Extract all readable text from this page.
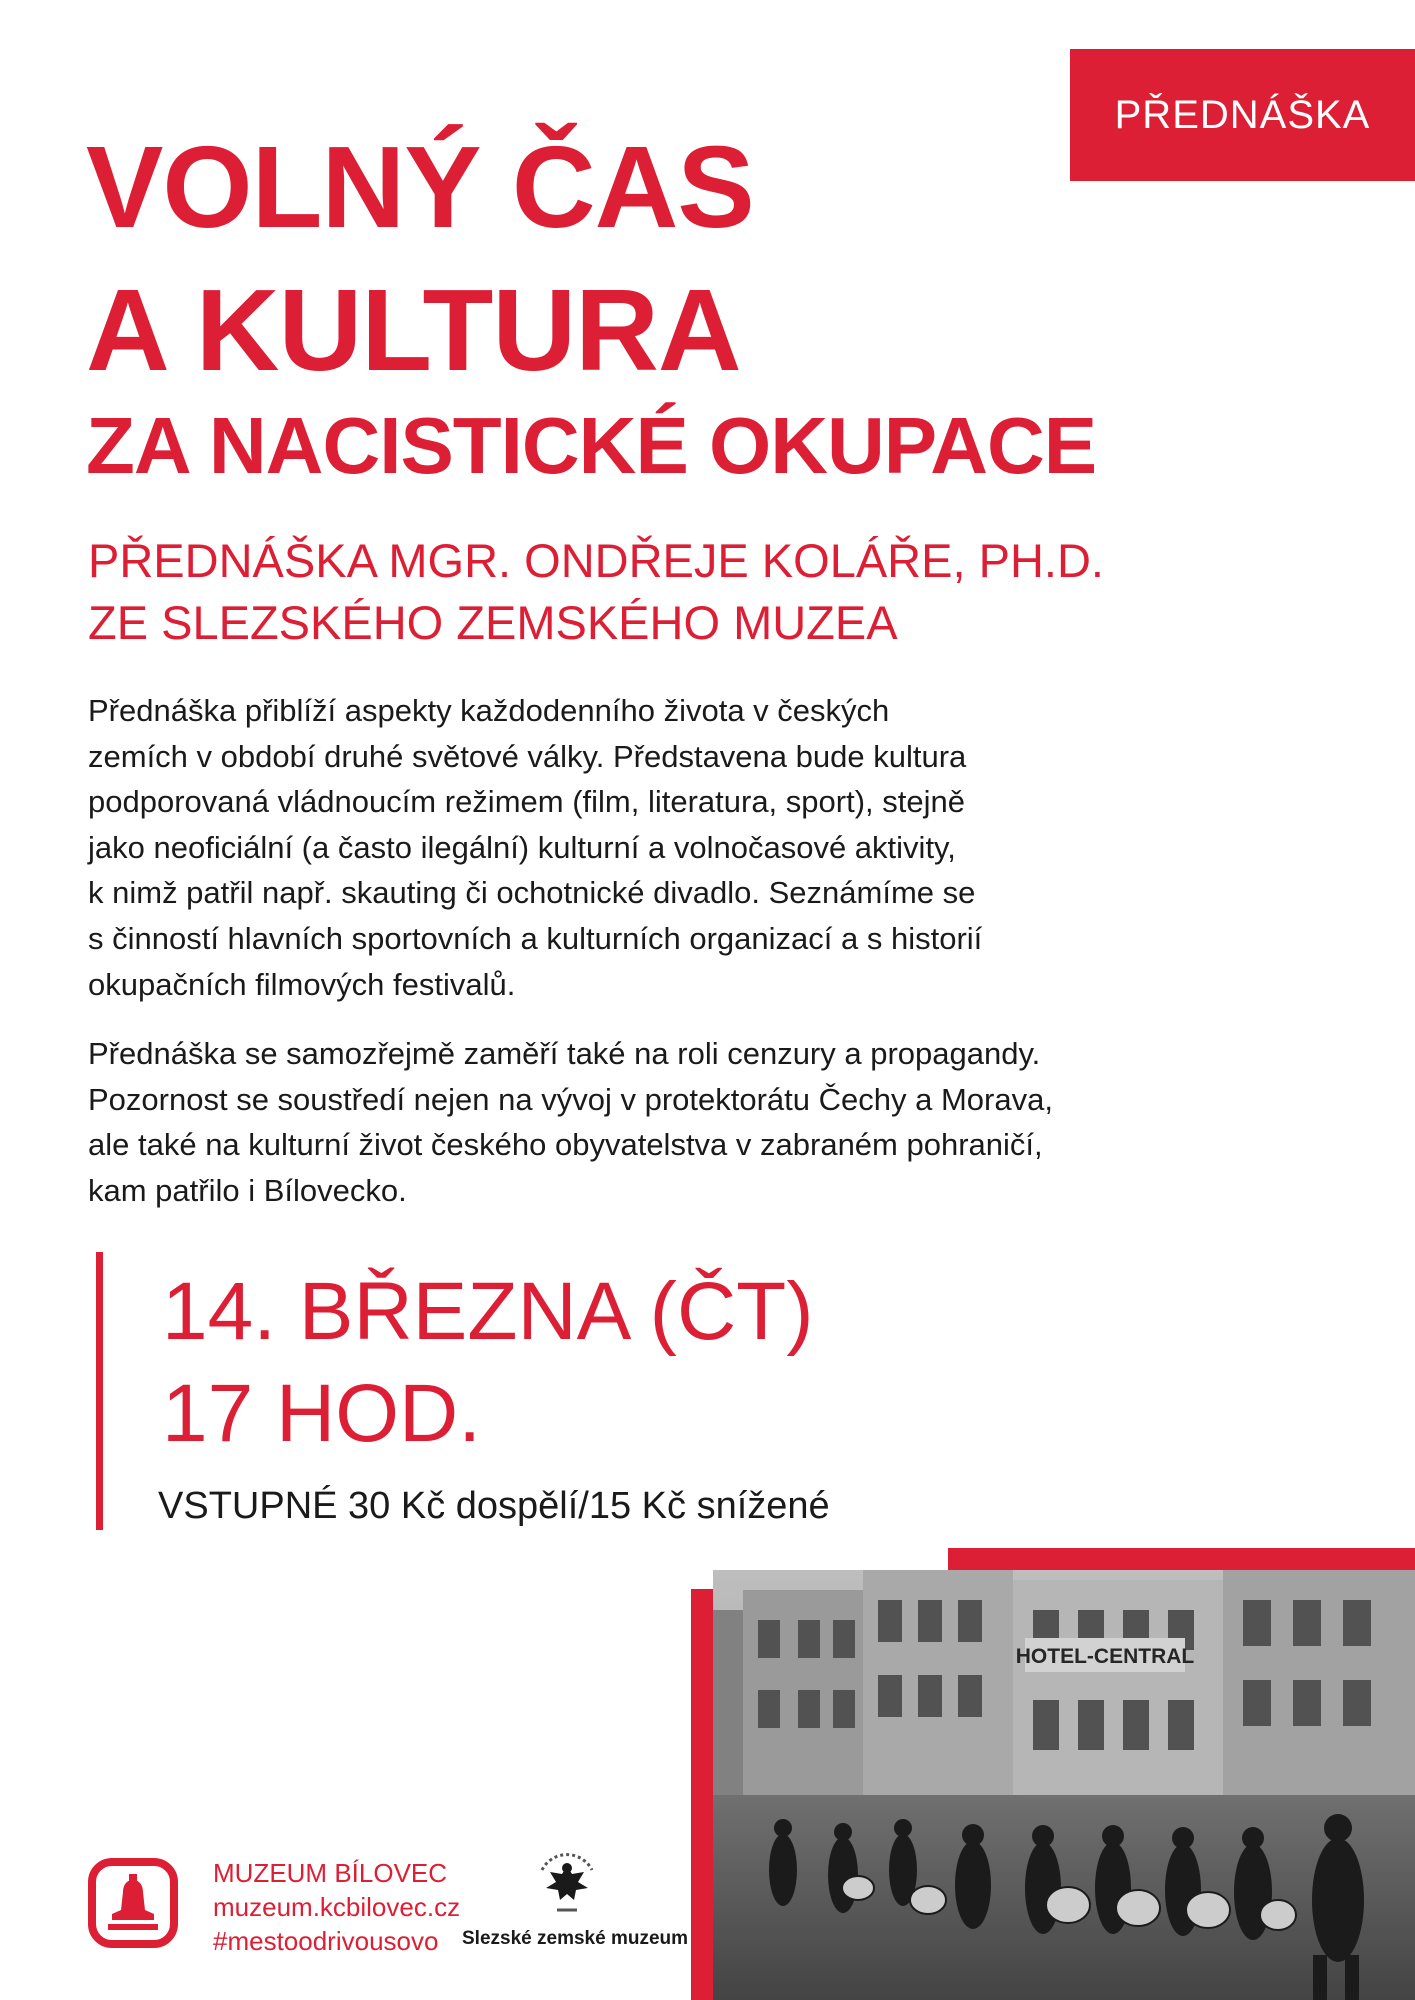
PŘEDNÁŠKA
VOLNÝ ČAS
A KULTURA
ZA NACISTICKÉ OKUPACE
PŘEDNÁŠKA MGR. ONDŘEJE KOLÁŘE, PH.D.
ZE SLEZSKÉHO ZEMSKÉHO MUZEA

Přednáška přiblíží aspekty každodenního života v českých
zemích v období druhé světové války. Představena bude kultura
podporovaná vládnoucím režimem (film, literatura, sport), stejně
jako neoficiální (a často ilegální) kulturní a volnočasové aktivity,
k nimž patřil např. skauting či ochotnické divadlo. Seznámíme se
s činností hlavních sportovních a kulturních organizací a s historií
okupačních filmových festivalů.

Přednáška se samozřejmě zaměří také na roli cenzury a propagandy.
Pozornost se soustředí nejen na vývoj v protektorátu Čechy a Morava,
ale také na kulturní život českého obyvatelstva v zabraném pohraničí,
kam patřilo i Bílovecko.

14. BŘEZNA (ČT)
17 HOD.
VSTUPNÉ 30 Kč dospělí/15 Kč snížené
HOTEL-CENTRAL
MUZEUM BÍLOVEC
muzeum.kcbilovec.cz
#mestoodrivousovo Slezské zemské muzeum
